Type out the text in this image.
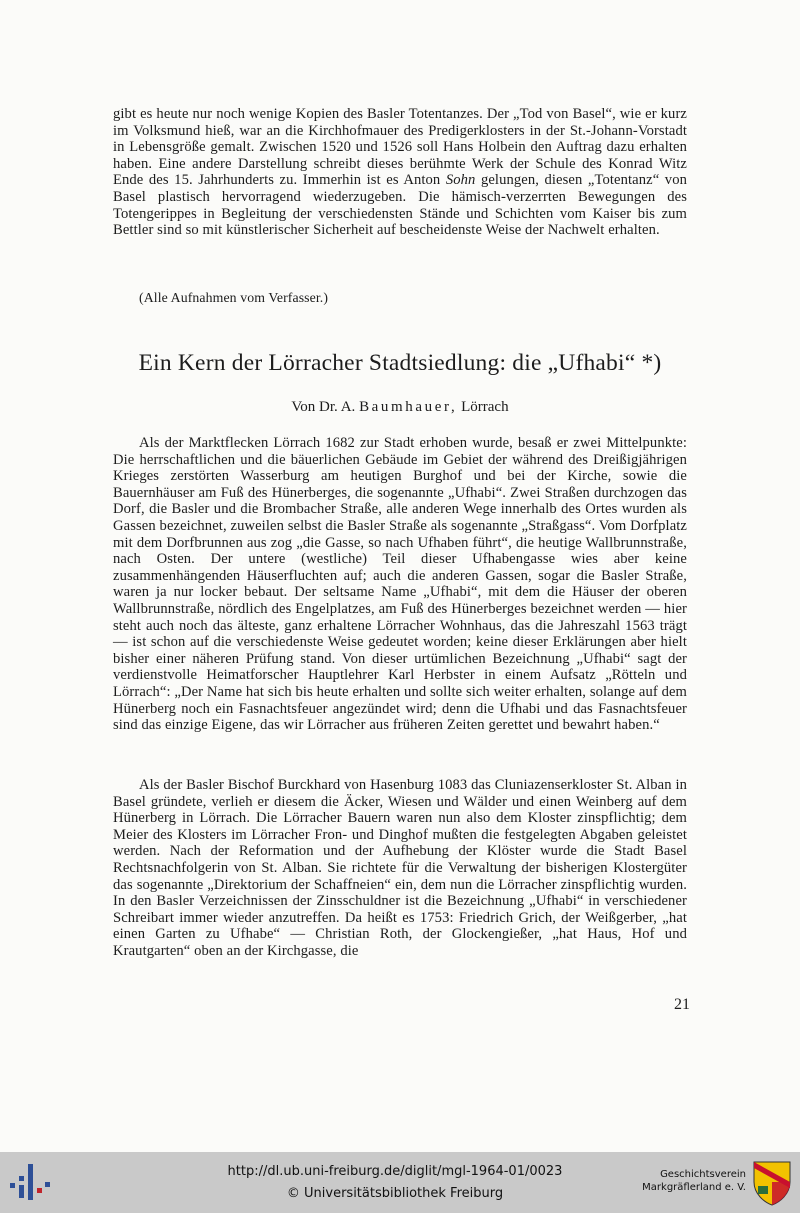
gibt es heute nur noch wenige Kopien des Basler Totentanzes. Der „Tod von Basel“, wie er kurz im Volksmund hieß, war an die Kirchhofmauer des Predigerklosters in der St.-Johann-Vorstadt in Lebensgröße gemalt. Zwischen 1520 und 1526 soll Hans Holbein den Auftrag dazu erhalten haben. Eine andere Darstellung schreibt dieses berühmte Werk der Schule des Konrad Witz Ende des 15. Jahrhunderts zu. Immerhin ist es Anton Sohn gelungen, diesen „Totentanz“ von Basel plastisch hervorragend wiederzugeben. Die hämisch-verzerrten Bewegungen des Totengerippes in Begleitung der verschiedensten Stände und Schichten vom Kaiser bis zum Bettler sind so mit künstlerischer Sicherheit auf bescheidenste Weise der Nachwelt erhalten.

(Alle Aufnahmen vom Verfasser.)

Ein Kern der Lörracher Stadtsiedlung: die „Ufhabi“ *)
Von Dr. A. Baumhauer, Lörrach

Als der Marktflecken Lörrach 1682 zur Stadt erhoben wurde, besaß er zwei Mittelpunkte: Die herrschaftlichen und die bäuerlichen Gebäude im Gebiet der während des Dreißigjährigen Krieges zerstörten Wasserburg am heutigen Burghof und bei der Kirche, sowie die Bauernhäuser am Fuß des Hünerberges, die sogenannte „Ufhabi“. Zwei Straßen durchzogen das Dorf, die Basler und die Brombacher Straße, alle anderen Wege innerhalb des Ortes wurden als Gassen bezeichnet, zuweilen selbst die Basler Straße als sogenannte „Straßgass“. Vom Dorfplatz mit dem Dorfbrunnen aus zog „die Gasse, so nach Ufhaben führt“, die heutige Wallbrunnstraße, nach Osten. Der untere (westliche) Teil dieser Ufhabengasse wies aber keine zusammenhängenden Häuserfluchten auf; auch die anderen Gassen, sogar die Basler Straße, waren ja nur locker bebaut. Der seltsame Name „Ufhabi“, mit dem die Häuser der oberen Wallbrunnstraße, nördlich des Engelplatzes, am Fuß des Hünerberges bezeichnet werden — hier steht auch noch das älteste, ganz erhaltene Lörracher Wohnhaus, das die Jahreszahl 1563 trägt — ist schon auf die verschiedenste Weise gedeutet worden; keine dieser Erklärungen aber hielt bisher einer näheren Prüfung stand. Von dieser urtümlichen Bezeichnung „Ufhabi“ sagt der verdienstvolle Heimatforscher Hauptlehrer Karl Herbster in einem Aufsatz „Rötteln und Lörrach“: „Der Name hat sich bis heute erhalten und sollte sich weiter erhalten, solange auf dem Hünerberg noch ein Fasnachtsfeuer angezündet wird; denn die Ufhabi und das Fasnachtsfeuer sind das einzige Eigene, das wir Lörracher aus früheren Zeiten gerettet und bewahrt haben.“

Als der Basler Bischof Burckhard von Hasenburg 1083 das Cluniazenserkloster St. Alban in Basel gründete, verlieh er diesem die Äcker, Wiesen und Wälder und einen Weinberg auf dem Hünerberg in Lörrach. Die Lörracher Bauern waren nun also dem Kloster zinspflichtig; dem Meier des Klosters im Lörracher Fron- und Dinghof mußten die festgelegten Abgaben geleistet werden. Nach der Reformation und der Aufhebung der Klöster wurde die Stadt Basel Rechtsnachfolgerin von St. Alban. Sie richtete für die Verwaltung der bisherigen Klostergüter das sogenannte „Direktorium der Schaffneien“ ein, dem nun die Lörracher zinspflichtig wurden. In den Basler Verzeichnissen der Zinsschuldner ist die Bezeichnung „Ufhabi“ in verschiedener Schreibart immer wieder anzutreffen. Da heißt es 1753: Friedrich Grich, der Weißgerber, „hat einen Garten zu Ufhabe“ — Christian Roth, der Glockengießer, „hat Haus, Hof und Krautgarten“ oben an der Kirchgasse, die

21
http://dl.ub.uni-freiburg.de/diglit/mgl-1964-01/0023
© Universitätsbibliothek Freiburg
Geschichtsverein
Markgräflerland e. V.
